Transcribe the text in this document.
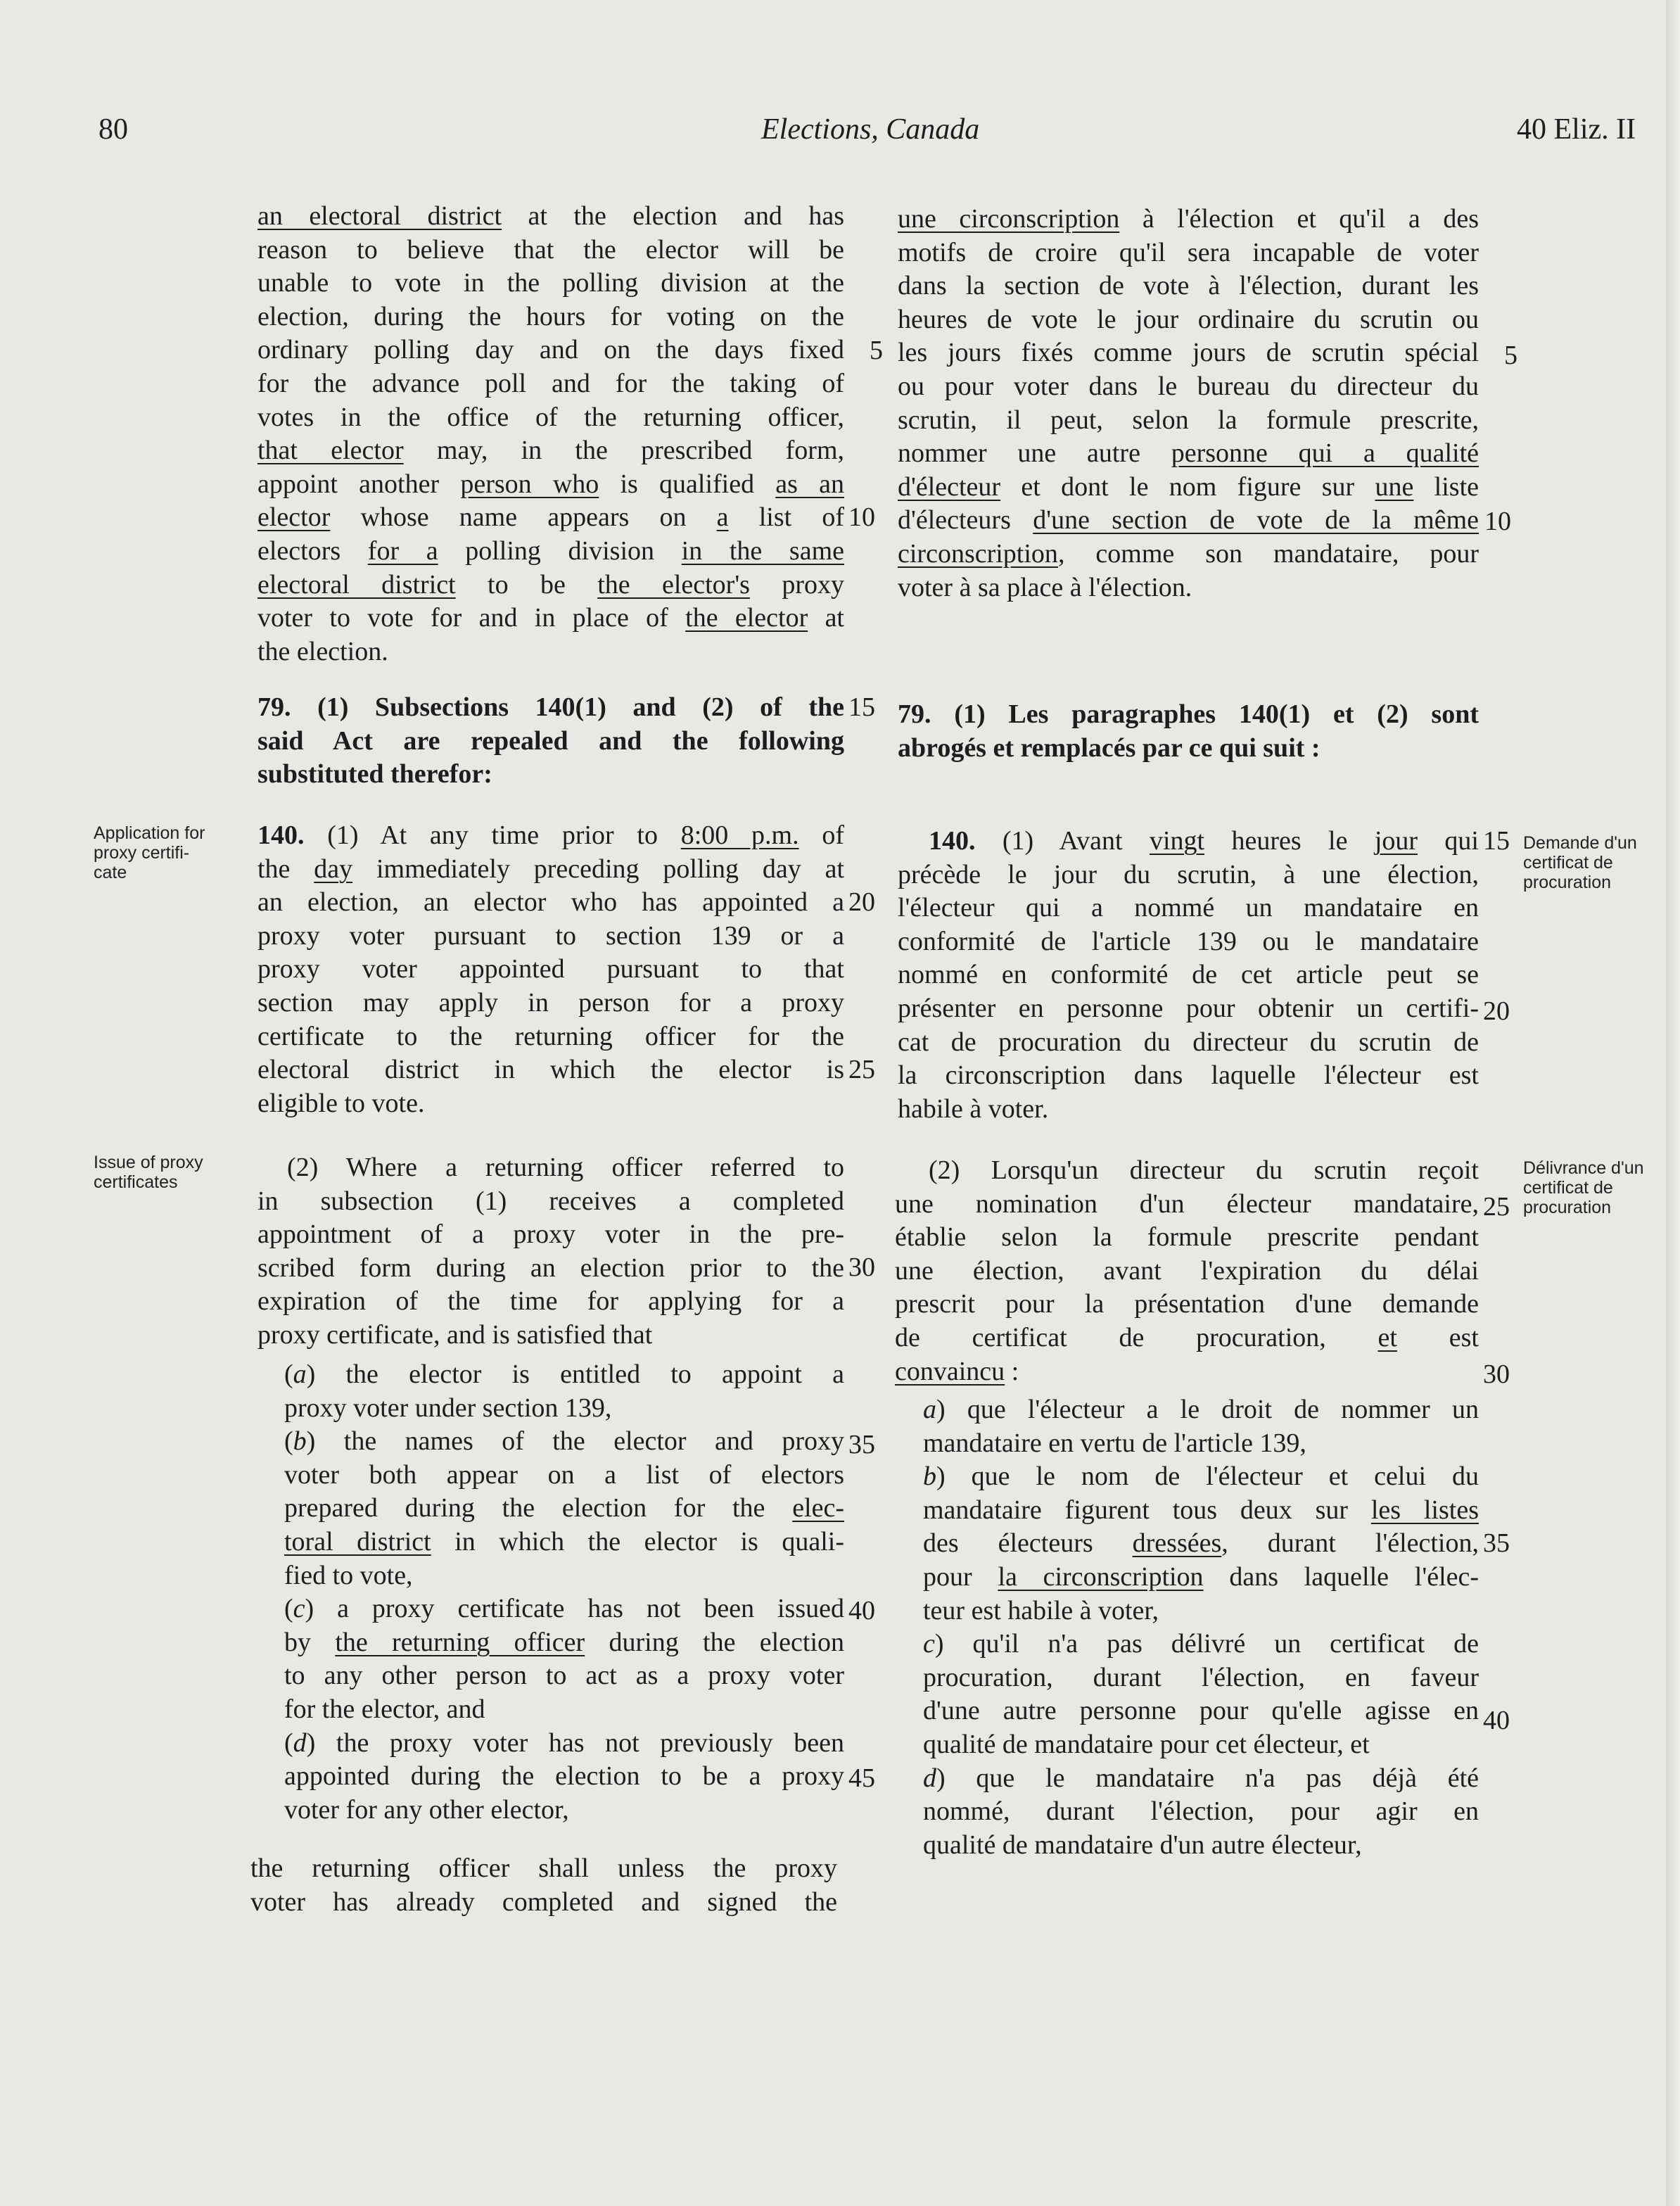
80	Elections, Canada	40 Eliz. II
Application for
proxy certifi-
cate
Issue of proxy
certificates
Demande d'un
certificat de
procuration
Délivrance d'un
certificat de
procuration
an electoral district at the election and has
reason to believe that the elector will be
unable to vote in the polling division at the
election, during the hours for voting on the
ordinary polling day and on the days fixed
for the advance poll and for the taking of
votes in the office of the returning officer,
that elector may, in the prescribed form,
appoint another person who is qualified as an
elector whose name appears on a list of
electors for a polling division in the same
electoral district to be the elector's proxy
voter to vote for and in place of the elector at
the election.
79. (1) Subsections 140(1) and (2) of the
said Act are repealed and the following
substituted therefor:
140. (1) At any time prior to 8:00 p.m. of
the day immediately preceding polling day at
an election, an elector who has appointed a
proxy voter pursuant to section 139 or a
proxy voter appointed pursuant to that
section may apply in person for a proxy
certificate to the returning officer for the
electoral district in which the elector is
eligible to vote.
(2) Where a returning officer referred to
in subsection (1) receives a completed
appointment of a proxy voter in the pre-
scribed form during an election prior to the
expiration of the time for applying for a
proxy certificate, and is satisfied that
(a) the elector is entitled to appoint a
proxy voter under section 139,
(b) the names of the elector and proxy
voter both appear on a list of electors
prepared during the election for the elec-
toral district in which the elector is quali-
fied to vote,
(c) a proxy certificate has not been issued
by the returning officer during the election
to any other person to act as a proxy voter
for the elector, and
(d) the proxy voter has not previously been
appointed during the election to be a proxy
voter for any other elector,
the returning officer shall unless the proxy
voter has already completed and signed the
5
10
15
20
25
30
35
40
45
une circonscription à l'élection et qu'il a des
motifs de croire qu'il sera incapable de voter
dans la section de vote à l'élection, durant les
heures de vote le jour ordinaire du scrutin ou
les jours fixés comme jours de scrutin spécial
ou pour voter dans le bureau du directeur du
scrutin, il peut, selon la formule prescrite,
nommer une autre personne qui a qualité
d'électeur et dont le nom figure sur une liste
d'électeurs d'une section de vote de la même
circonscription, comme son mandataire, pour
voter à sa place à l'élection.
79. (1) Les paragraphes 140(1) et (2) sont
abrogés et remplacés par ce qui suit :
140. (1) Avant vingt heures le jour qui
précède le jour du scrutin, à une élection,
l'électeur qui a nommé un mandataire en
conformité de l'article 139 ou le mandataire
nommé en conformité de cet article peut se
présenter en personne pour obtenir un certifi-
cat de procuration du directeur du scrutin de
la circonscription dans laquelle l'électeur est
habile à voter.
(2) Lorsqu'un directeur du scrutin reçoit
une nomination d'un électeur mandataire,
établie selon la formule prescrite pendant
une élection, avant l'expiration du délai
prescrit pour la présentation d'une demande
de certificat de procuration, et est
convaincu :
a) que l'électeur a le droit de nommer un
mandataire en vertu de l'article 139,
b) que le nom de l'électeur et celui du
mandataire figurent tous deux sur les listes
des électeurs dressées, durant l'élection,
pour la circonscription dans laquelle l'élec-
teur est habile à voter,
c) qu'il n'a pas délivré un certificat de
procuration, durant l'élection, en faveur
d'une autre personne pour qu'elle agisse en
qualité de mandataire pour cet électeur, et
d) que le mandataire n'a pas déjà été
nommé, durant l'élection, pour agir en
qualité de mandataire d'un autre électeur,
5
10
15
20
25
30
35
40
